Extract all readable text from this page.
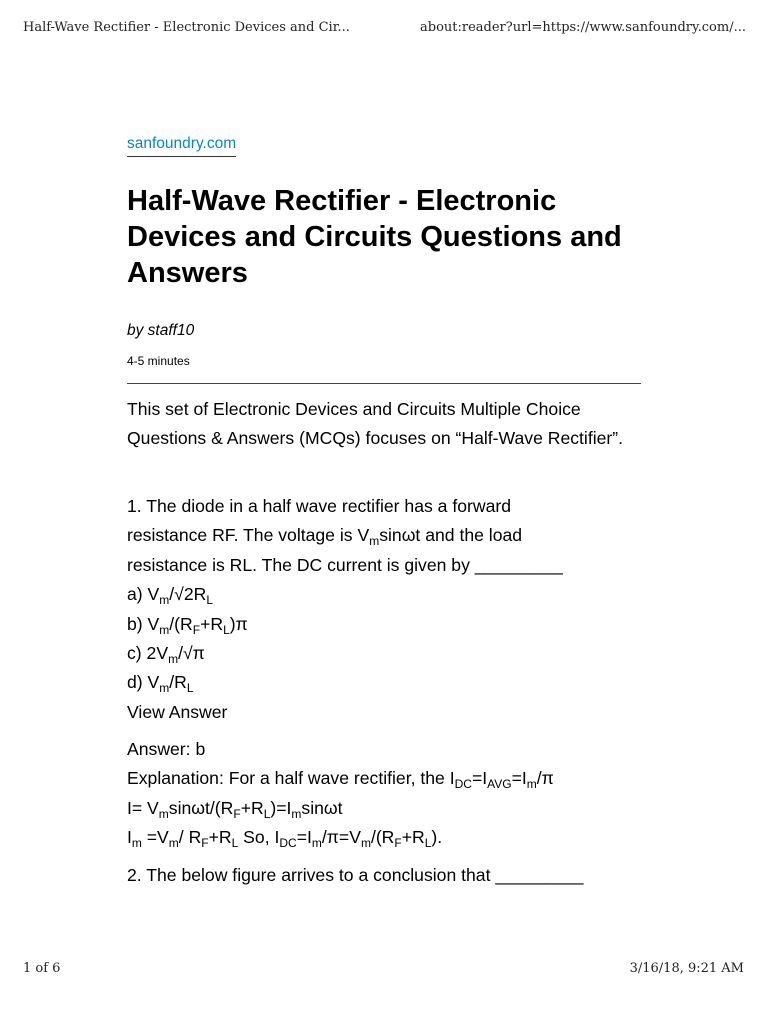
Half-Wave Rectifier - Electronic Devices and Cir...	about:reader?url=https://www.sanfoundry.com/...
sanfoundry.com
Half-Wave Rectifier - Electronic Devices and Circuits Questions and Answers
by staff10
4-5 minutes

This set of Electronic Devices and Circuits Multiple Choice Questions & Answers (MCQs) focuses on “Half-Wave Rectifier”.

1. The diode in a half wave rectifier has a forward
resistance RF. The voltage is $V_m\sin\omega t$ and the load
resistance is RL. The DC current is given by _________
a) $V_m/√2R_L$
b) $V_m/(R_F+R_L)\pi$
c) $2V_m/√\pi$
d) $V_m/R_L$
View Answer
Answer: b
Explanation: For a half wave rectifier, the $I_{DC}=I_{AVG}=I_m/\pi$
$I= V_m\sin\omega t/(R_F+R_L)=I_m\sin\omega t$
$I_m =V_m/$ $R_F+R_L$ So, $I_{DC}=I_m/\pi=V_m/(R_F+R_L)$.
2. The below figure arrives to a conclusion that _________
1 of 6	3/16/18, 9:21 AM
